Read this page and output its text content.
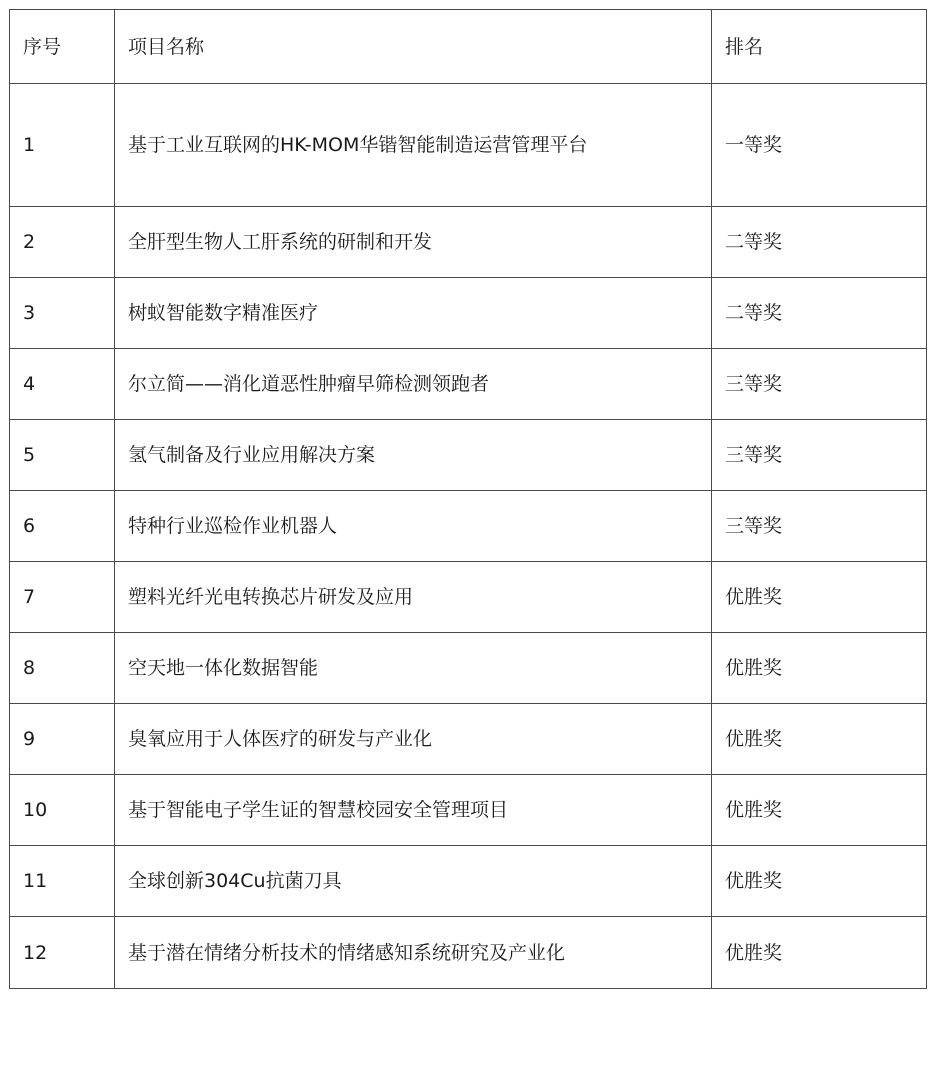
序号	项目名称	排名
1	基于工业互联网的HK-MOM华锴智能制造运营管理平台	一等奖
2	全肝型生物人工肝系统的研制和开发	二等奖
3	树蚁智能数字精准医疗	二等奖
4	尔立简——消化道恶性肿瘤早筛检测领跑者	三等奖
5	氢气制备及行业应用解决方案	三等奖
6	特种行业巡检作业机器人	三等奖
7	塑料光纤光电转换芯片研发及应用	优胜奖
8	空天地一体化数据智能	优胜奖
9	臭氧应用于人体医疗的研发与产业化	优胜奖
10	基于智能电子学生证的智慧校园安全管理项目	优胜奖
11	全球创新304Cu抗菌刀具	优胜奖
12	基于潜在情绪分析技术的情绪感知系统研究及产业化	优胜奖
